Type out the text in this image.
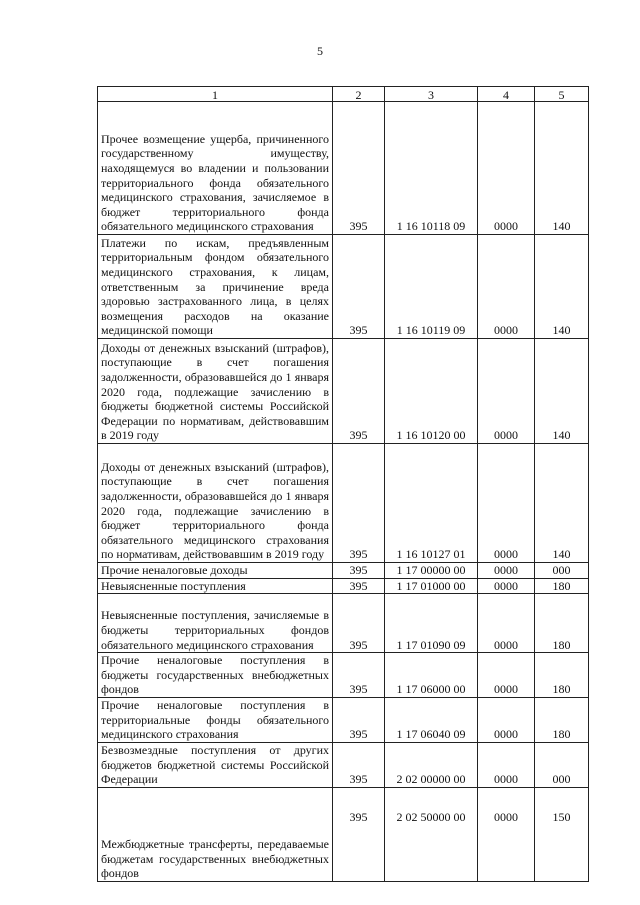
5
1	2	3	4	5
Прочее возмещение ущерба, причиненного государственному имуществу, находящемуся во владении и пользовании территориального фонда обязательного медицинского страхования, зачисляемое в бюджет территориального фонда обязательного медицинского страхования	395	1 16 10118 09	0000	140
Платежи по искам, предъявленным территориальным фондом обязательного медицинского страхования, к лицам, ответственным за причинение вреда здоровью застрахованного лица, в целях возмещения расходов на оказание медицинской помощи	395	1 16 10119 09	0000	140
Доходы от денежных взысканий (штрафов), поступающие в счет погашения задолженности, образовавшейся до 1 января 2020 года, подлежащие зачислению в бюджеты бюджетной системы Российской Федерации по нормативам, действовавшим в 2019 году	395	1 16 10120 00	0000	140
Доходы от денежных взысканий (штрафов), поступающие в счет погашения задолженности, образовавшейся до 1 января 2020 года, подлежащие зачислению в бюджет территориального фонда обязательного медицинского страхования по нормативам, действовавшим в 2019 году	395	1 16 10127 01	0000	140
Прочие неналоговые доходы	395	1 17 00000 00	0000	000
Невыясненные поступления	395	1 17 01000 00	0000	180
Невыясненные поступления, зачисляемые в бюджеты территориальных фондов обязательного медицинского страхования	395	1 17 01090 09	0000	180
Прочие неналоговые поступления в бюджеты государственных внебюджетных фондов	395	1 17 06000 00	0000	180
Прочие неналоговые поступления в территориальные фонды обязательного медицинского страхования	395	1 17 06040 09	0000	180
Безвозмездные поступления от других бюджетов бюджетной системы Российской Федерации	395	2 02 00000 00	0000	000
Межбюджетные трансферты, передаваемые бюджетам государственных внебюджетных фондов	395	2 02 50000 00	0000	150
